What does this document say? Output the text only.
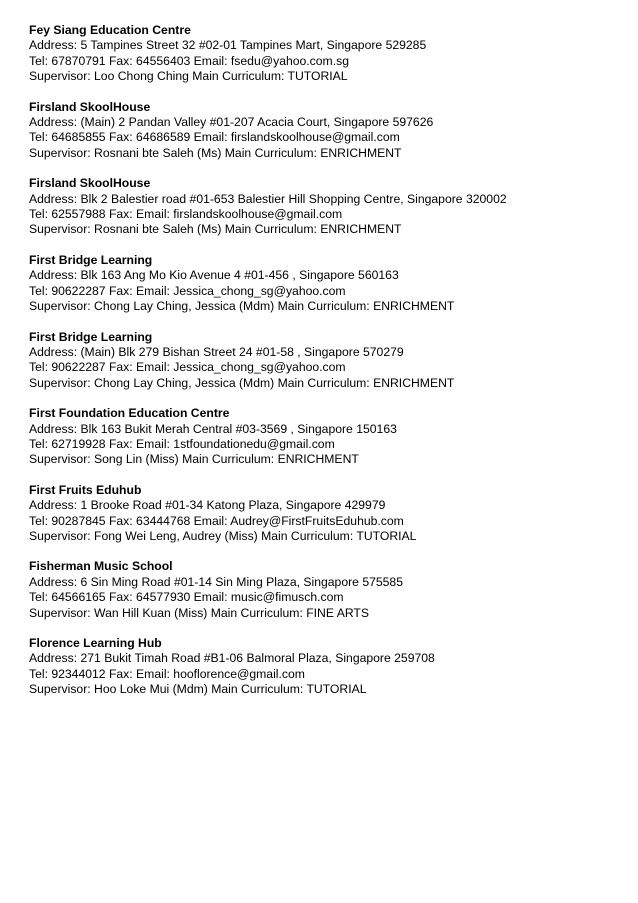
Fey Siang Education Centre
Address: 5 Tampines Street 32 #02-01 Tampines Mart, Singapore 529285
Tel: 67870791 Fax: 64556403 Email: fsedu@yahoo.com.sg
Supervisor: Loo Chong Ching Main Curriculum: TUTORIAL
Firsland SkoolHouse
Address: (Main) 2 Pandan Valley #01-207 Acacia Court, Singapore 597626
Tel: 64685855 Fax: 64686589 Email: firslandskoolhouse@gmail.com
Supervisor: Rosnani bte Saleh (Ms) Main Curriculum: ENRICHMENT
Firsland SkoolHouse
Address: Blk 2 Balestier road #01-653 Balestier Hill Shopping Centre, Singapore 320002
Tel: 62557988 Fax: Email: firslandskoolhouse@gmail.com
Supervisor: Rosnani bte Saleh (Ms) Main Curriculum: ENRICHMENT
First Bridge Learning
Address: Blk 163 Ang Mo Kio Avenue 4 #01-456 , Singapore 560163
Tel: 90622287 Fax: Email: Jessica_chong_sg@yahoo.com
Supervisor: Chong Lay Ching, Jessica (Mdm) Main Curriculum: ENRICHMENT
First Bridge Learning
Address: (Main) Blk 279 Bishan Street 24 #01-58 , Singapore 570279
Tel: 90622287 Fax: Email: Jessica_chong_sg@yahoo.com
Supervisor: Chong Lay Ching, Jessica (Mdm) Main Curriculum: ENRICHMENT
First Foundation Education Centre
Address: Blk 163 Bukit Merah Central #03-3569 , Singapore 150163
Tel: 62719928 Fax: Email: 1stfoundationedu@gmail.com
Supervisor: Song Lin (Miss) Main Curriculum: ENRICHMENT
First Fruits Eduhub
Address: 1 Brooke Road #01-34 Katong Plaza, Singapore 429979
Tel: 90287845 Fax: 63444768 Email: Audrey@FirstFruitsEduhub.com
Supervisor: Fong Wei Leng, Audrey (Miss) Main Curriculum: TUTORIAL
Fisherman Music School
Address: 6 Sin Ming Road #01-14 Sin Ming Plaza, Singapore 575585
Tel: 64566165 Fax: 64577930 Email: music@fimusch.com
Supervisor: Wan Hill Kuan (Miss) Main Curriculum: FINE ARTS
Florence Learning Hub
Address: 271 Bukit Timah Road #B1-06 Balmoral Plaza, Singapore 259708
Tel: 92344012 Fax: Email: hooflorence@gmail.com
Supervisor: Hoo Loke Mui (Mdm) Main Curriculum: TUTORIAL
